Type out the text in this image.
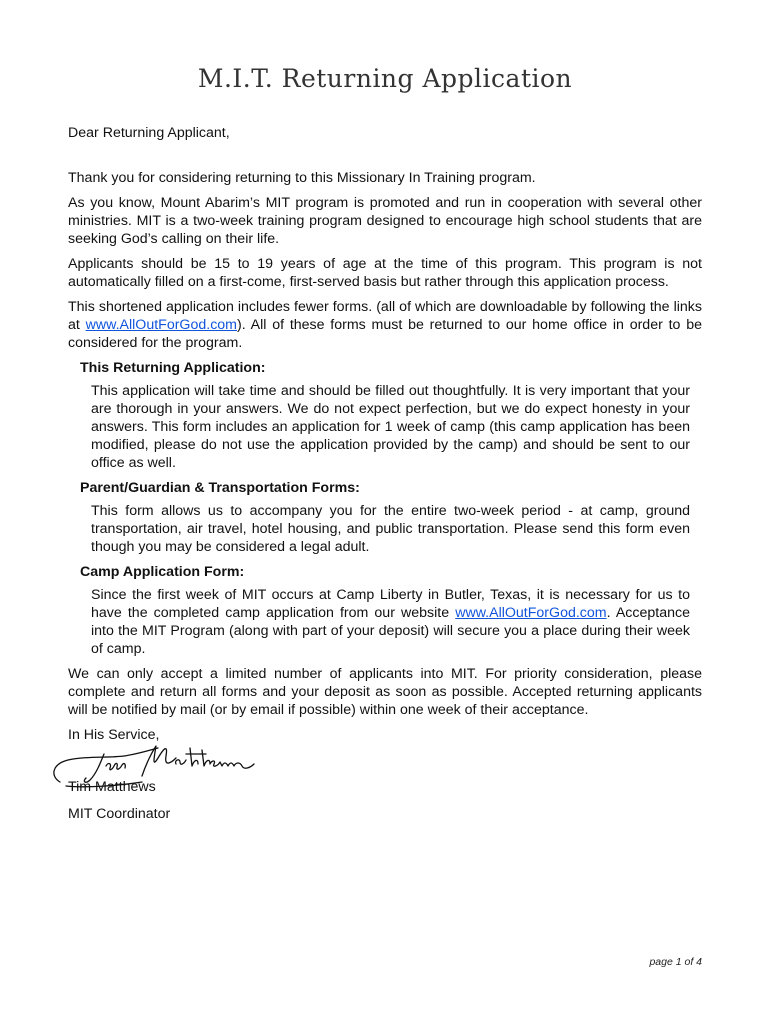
M.I.T. Returning Application

Dear Returning Applicant,

Thank you for considering returning to this Missionary In Training program.

As you know, Mount Abarim’s MIT program is promoted and run in cooperation with several other ministries. MIT is a two-week training program designed to encourage high school students that are seeking God’s calling on their life.

Applicants should be 15 to 19 years of age at the time of this program. This program is not automatically filled on a first-come, first-served basis but rather through this application process.

This shortened application includes fewer forms. (all of which are downloadable by following the links at www.AllOutForGod.com). All of these forms must be returned to our home office in order to be considered for the program.

This Returning Application:

This application will take time and should be filled out thoughtfully. It is very important that your are thorough in your answers. We do not expect perfection, but we do expect honesty in your answers. This form includes an application for 1 week of camp (this camp application has been modified, please do not use the application provided by the camp) and should be sent to our office as well.

Parent/Guardian & Transportation Forms:

This form allows us to accompany you for the entire two-week period - at camp, ground transportation, air travel, hotel housing, and public transportation. Please send this form even though you may be considered a legal adult.

Camp Application Form:

Since the first week of MIT occurs at Camp Liberty in Butler, Texas, it is necessary for us to have the completed camp application from our website www.AllOutForGod.com. Acceptance into the MIT Program (along with part of your deposit) will secure you a place during their week of camp.

We can only accept a limited number of applicants into MIT. For priority consideration, please complete and return all forms and your deposit as soon as possible. Accepted returning applicants will be notified by mail (or by email if possible) within one week of their acceptance.

In His Service,

Tim Matthews

MIT Coordinator

page 1 of 4
